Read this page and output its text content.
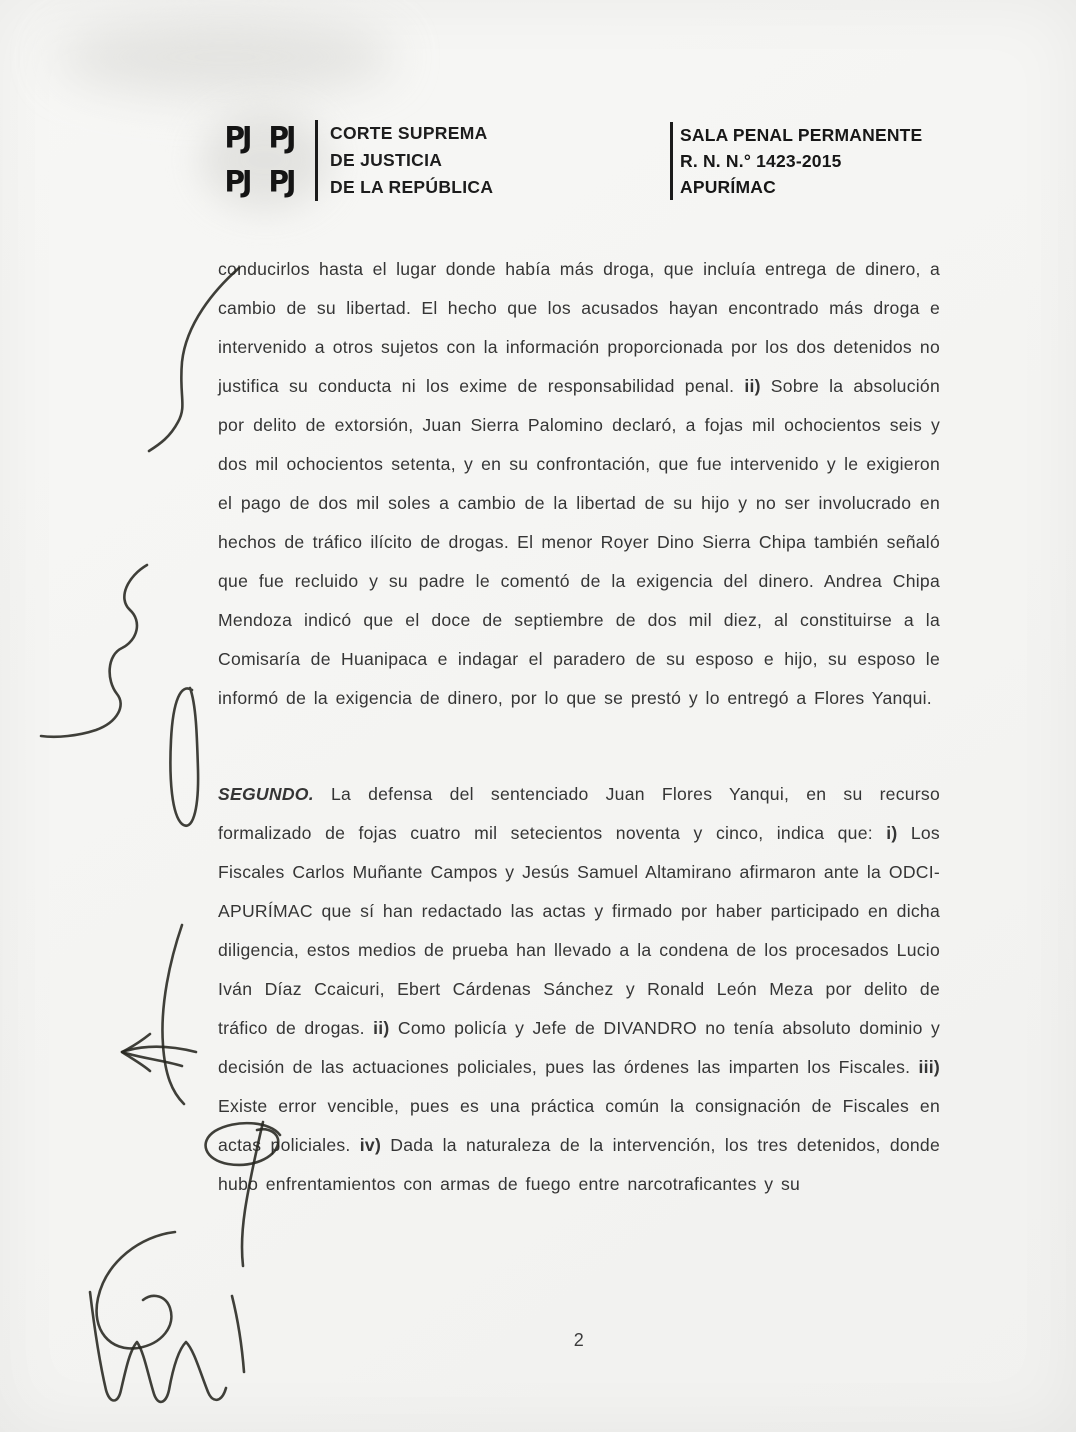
PJ PJ
PJ PJ
CORTE SUPREMA
DE JUSTICIA
DE LA REPÚBLICA
SALA PENAL PERMANENTE
R. N. N.° 1423-2015
APURÍMAC

conducirlos hasta el lugar donde había más droga, que incluía entrega de dinero, a cambio de su libertad. El hecho que los acusados hayan encontrado más droga e intervenido a otros sujetos con la información proporcionada por los dos detenidos no justifica su conducta ni los exime de responsabilidad penal. ii) Sobre la absolución por delito de extorsión, Juan Sierra Palomino declaró, a fojas mil ochocientos seis y dos mil ochocientos setenta, y en su confrontación, que fue intervenido y le exigieron el pago de dos mil soles a cambio de la libertad de su hijo y no ser involucrado en hechos de tráfico ilícito de drogas. El menor Royer Dino Sierra Chipa también señaló que fue recluido y su padre le comentó de la exigencia del dinero. Andrea Chipa Mendoza indicó que el doce de septiembre de dos mil diez, al constituirse a la Comisaría de Huanipaca e indagar el paradero de su esposo e hijo, su esposo le informó de la exigencia de dinero, por lo que se prestó y lo entregó a Flores Yanqui.

SEGUNDO. La defensa del sentenciado Juan Flores Yanqui, en su recurso formalizado de fojas cuatro mil setecientos noventa y cinco, indica que: i) Los Fiscales Carlos Muñante Campos y Jesús Samuel Altamirano afirmaron ante la ODCI-APURÍMAC que sí han redactado las actas y firmado por haber participado en dicha diligencia, estos medios de prueba han llevado a la condena de los procesados Lucio Iván Díaz Ccaicuri, Ebert Cárdenas Sánchez y Ronald León Meza por delito de tráfico de drogas. ii) Como policía y Jefe de DIVANDRO no tenía absoluto dominio y decisión de las actuaciones policiales, pues las órdenes las imparten los Fiscales. iii) Existe error vencible, pues es una práctica común la consignación de Fiscales en actas policiales. iv) Dada la naturaleza de la intervención, los tres detenidos, donde hubo enfrentamientos con armas de fuego entre narcotraficantes y su

2
